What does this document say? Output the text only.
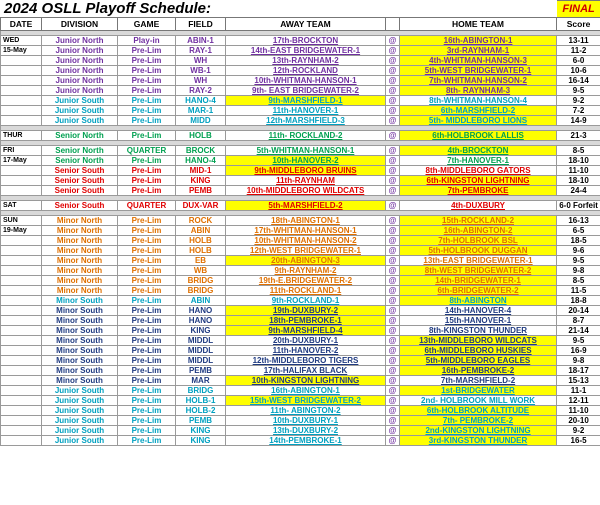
2024 OSLL Playoff Schedule:							FINAL
DATE	DIVISION	GAME	FIELD	AWAY TEAM		HOME TEAM	Score

WED	Junior North	Play-in	ABIN-1	17th-BROCKTON	@	16th-ABINGTON-1	13-11
15-May	Junior North	Pre-Lim	RAY-1	14th-EAST BRIDGEWATER-1	@	3rd-RAYNHAM-1	11-2
	Junior North	Pre-Lim	WH	13th-RAYNHAM-2	@	4th-WHITMAN-HANSON-3	6-0
	Junior North	Pre-Lim	WB-1	12th-ROCKLAND	@	5th-WEST BRIDGEWATER-1	10-6
	Junior North	Pre-Lim	WH	10th-WHITMAN-HANSON-1	@	7th-WHITMAN-HANSON-2	16-14
	Junior North	Pre-Lim	RAY-2	9th- EAST BRIDGEWATER-2	@	8th- RAYNHAM-3	9-5
	Junior South	Pre-Lim	HANO-4	9th-MARSHFIELD-1	@	8th-WHITMAN-HANSON-4	9-2
	Junior South	Pre-Lim	MAR-1	11th-HANOVER-1	@	6th-MARSHFIELD-2	7-2
	Junior South	Pre-Lim	MIDD	12th-MARSHFIELD-3	@	5th- MIDDLEBORO LIONS	14-9

THUR	Senior North	Pre-Lim	HOLB	11th- ROCKLAND-2	@	6th-HOLBROOK LALLIS	21-3

FRI	Senior North	QUARTER	BROCK	5th-WHITMAN-HANSON-1	@	4th-BROCKTON	8-5
17-May	Senior North	Pre-Lim	HANO-4	10th-HANOVER-2	@	7th-HANOVER-1	18-10
	Senior South	Pre-Lim	MID-1	9th-MIDDLEBORO BRUINS	@	8th-MIDDLEBORO GATORS	11-10
	Senior South	Pre-Lim	KING	11th-RAYNHAM	@	6th-KINGSTON LIGHTNING	18-10
	Senior South	Pre-Lim	PEMB	10th-MIDDLEBORO WILDCATS	@	7th-PEMBROKE	24-4

SAT	Senior South	QUARTER	DUX-VAR	5th-MARSHFIELD-2	@	4th-DUXBURY	6-0 Forfeit

SUN	Minor North	Pre-Lim	ROCK	18th-ABINGTON-1	@	15th-ROCKLAND-2	16-13
19-May	Minor North	Pre-Lim	ABIN	17th-WHITMAN-HANSON-1	@	16th-ABINGTON-2	6-5
	Minor North	Pre-Lim	HOLB	10th-WHITMAN-HANSON-2	@	7th-HOLBROOK BSL	18-5
	Minor North	Pre-Lim	HOLB	12th-WEST BRIDGEWATER-1	@	5th-HOLBROOK DUGGAN	9-6
	Minor North	Pre-Lim	EB	20th-ABINGTON-3	@	13th-EAST BRIDGEWATER-1	9-5
	Minor North	Pre-Lim	WB	9th-RAYNHAM-2	@	8th-WEST BRIDGEWATER-2	9-8
	Minor North	Pre-Lim	BRIDG	19th-E.BRIDGEWATER-2	@	14th-BRIDGEWATER-1	8-5
	Minor North	Pre-Lim	BRIDG	11th-ROCKLAND-1	@	6th-BRIDGEWATER-2	11-5
	Minor South	Pre-Lim	ABIN	9th-ROCKLAND-1	@	8th-ABINGTON	18-8
	Minor South	Pre-Lim	HANO	19th-DUXBURY-2	@	14th-HANOVER-4	20-14
	Minor South	Pre-Lim	HANO	18th-PEMBROKE-1	@	15th-HANOVER-1	8-7
	Minor South	Pre-Lim	KING	9th-MARSHFIELD-4	@	8th-KINGSTON THUNDER	21-14
	Minor South	Pre-Lim	MIDDL	20th-DUXBURY-1	@	13th-MIDDLEBORO WILDCATS	9-5
	Minor South	Pre-Lim	MIDDL	11th-HANOVER-2	@	6th-MIDDLEBORO HUSKIES	16-9
	Minor South	Pre-Lim	MIDDL	12th-MIDDLEBORO TIGERS	@	5th-MIDDLEBORO EAGLES	9-8
	Minor South	Pre-Lim	PEMB	17th-HALIFAX BLACK	@	16th-PEMBROKE-2	18-17
	Minor South	Pre-Lim	MAR	10th-KINGSTON LIGHTNING	@	7th-MARSHFIELD-2	15-13
	Junior South	Pre-Lim	BRIDG	16th-ABINGTON-1	@	1st-BRIDGEWATER	11-1
	Junior South	Pre-Lim	HOLB-1	15th-WEST BRIDGEWATER-2	@	2nd- HOLBROOK MILL WORK	12-11
	Junior South	Pre-Lim	HOLB-2	11th- ABINGTON-2	@	6th-HOLBROOK ALTITUDE	11-10
	Junior South	Pre-Lim	PEMB	10th-DUXBURY-1	@	7th- PEMBROKE-2	20-10
	Junior South	Pre-Lim	KING	13th-DUXBURY-2	@	2nd-KINGSTON LIGHTNING	9-2
	Junior South	Pre-Lim	KING	14th-PEMBROKE-1	@	3rd-KINGSTON THUNDER	16-5
